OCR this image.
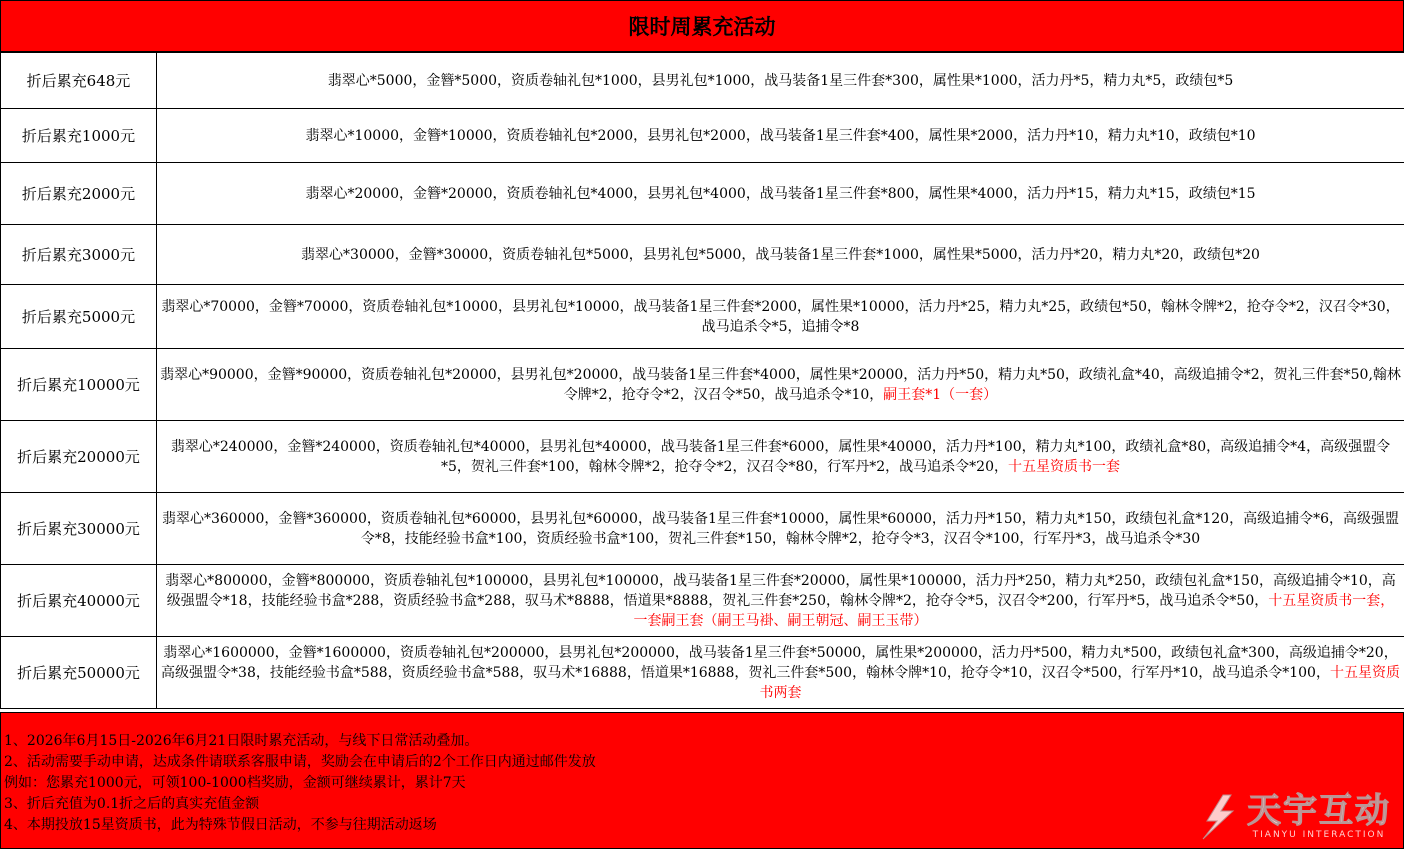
限时周累充活动
折后累充648元	翡翠心*5000，金簪*5000，资质卷轴礼包*1000，县男礼包*1000，战马装备1星三件套*300，属性果*1000，活力丹*5，精力丸*5，政绩包*5
折后累充1000元	翡翠心*10000，金簪*10000，资质卷轴礼包*2000，县男礼包*2000，战马装备1星三件套*400，属性果*2000，活力丹*10，精力丸*10，政绩包*10
折后累充2000元	翡翠心*20000，金簪*20000，资质卷轴礼包*4000，县男礼包*4000，战马装备1星三件套*800，属性果*4000，活力丹*15，精力丸*15，政绩包*15
折后累充3000元	翡翠心*30000，金簪*30000，资质卷轴礼包*5000，县男礼包*5000，战马装备1星三件套*1000，属性果*5000，活力丹*20，精力丸*20，政绩包*20
折后累充5000元	翡翠心*70000，金簪*70000，资质卷轴礼包*10000，县男礼包*10000，战马装备1星三件套*2000，属性果*10000，活力丹*25，精力丸*25，政绩包*50，翰林令牌*2，抢夺令*2，汉召令*30，战马追杀令*5，追捕令*8
折后累充10000元	翡翠心*90000，金簪*90000，资质卷轴礼包*20000，县男礼包*20000，战马装备1星三件套*4000，属性果*20000，活力丹*50，精力丸*50，政绩礼盒*40，高级追捕令*2，贺礼三件套*50,翰林令牌*2，抢夺令*2，汉召令*50，战马追杀令*10，嗣王套*1（一套）
折后累充20000元	翡翠心*240000，金簪*240000，资质卷轴礼包*40000，县男礼包*40000，战马装备1星三件套*6000，属性果*40000，活力丹*100，精力丸*100，政绩礼盒*80，高级追捕令*4，高级强盟令*5，贺礼三件套*100，翰林令牌*2，抢夺令*2，汉召令*80，行军丹*2，战马追杀令*20，十五星资质书一套
折后累充30000元	翡翠心*360000，金簪*360000，资质卷轴礼包*60000，县男礼包*60000，战马装备1星三件套*10000，属性果*60000，活力丹*150，精力丸*150，政绩包礼盒*120，高级追捕令*6，高级强盟令*8，技能经验书盒*100，资质经验书盒*100，贺礼三件套*150，翰林令牌*2，抢夺令*3，汉召令*100，行军丹*3，战马追杀令*30
折后累充40000元	翡翠心*800000，金簪*800000，资质卷轴礼包*100000，县男礼包*100000，战马装备1星三件套*20000，属性果*100000，活力丹*250，精力丸*250，政绩包礼盒*150，高级追捕令*10，高级强盟令*18，技能经验书盒*288，资质经验书盒*288，驭马术*8888，悟道果*8888，贺礼三件套*250，翰林令牌*2，抢夺令*5，汉召令*200，行军丹*5，战马追杀令*50，十五星资质书一套，一套嗣王套（嗣王马褂、嗣王朝冠、嗣王玉带）
折后累充50000元	翡翠心*1600000，金簪*1600000，资质卷轴礼包*200000，县男礼包*200000，战马装备1星三件套*50000，属性果*200000，活力丹*500，精力丸*500，政绩包礼盒*300，高级追捕令*20，高级强盟令*38，技能经验书盒*588，资质经验书盒*588，驭马术*16888，悟道果*16888，贺礼三件套*500，翰林令牌*10，抢夺令*10，汉召令*500，行军丹*10，战马追杀令*100，十五星资质书两套
1、2026年6月15日-2026年6月21日限时累充活动，与线下日常活动叠加。
2、活动需要手动申请，达成条件请联系客服申请，奖励会在申请后的2个工作日内通过邮件发放
例如：您累充1000元，可领100-1000档奖励，金额可继续累计，累计7天
3、折后充值为0.1折之后的真实充值金额
4、本期投放15星资质书，此为特殊节假日活动，不参与往期活动返场	天宇互动
TIANYU INTERACTION
